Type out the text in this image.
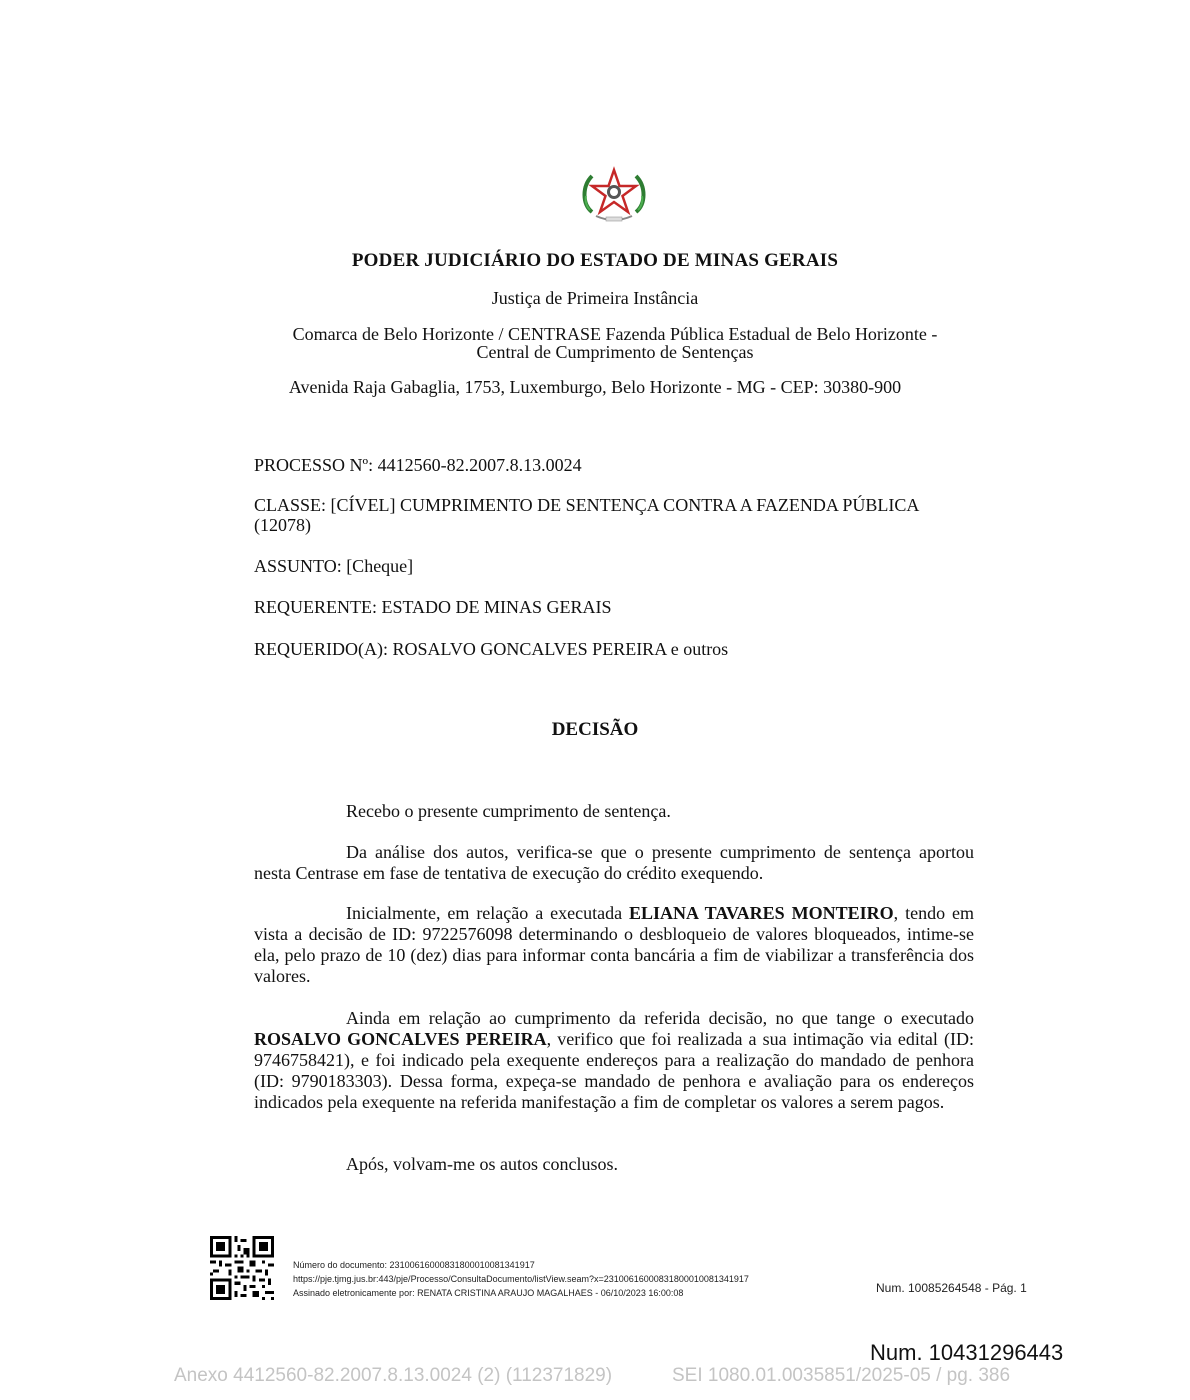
PODER JUDICIÁRIO DO ESTADO DE MINAS GERAIS
Justiça de Primeira Instância
Comarca de Belo Horizonte / CENTRASE Fazenda Pública Estadual de Belo Horizonte -
Central de Cumprimento de Sentenças
Avenida Raja Gabaglia, 1753, Luxemburgo, Belo Horizonte - MG - CEP: 30380-900
PROCESSO Nº: 4412560-82.2007.8.13.0024
CLASSE: [CÍVEL] CUMPRIMENTO DE SENTENÇA CONTRA A FAZENDA PÚBLICA
(12078)
ASSUNTO: [Cheque]
REQUERENTE: ESTADO DE MINAS GERAIS
REQUERIDO(A): ROSALVO GONCALVES PEREIRA e outros
DECISÃO
Recebo o presente cumprimento de sentença.
Da análise dos autos, verifica-se que o presente cumprimento de sentença aportou nesta Centrase em fase de tentativa de execução do crédito exequendo.
Inicialmente, em relação a executada ELIANA TAVARES MONTEIRO, tendo em vista a decisão de ID: 9722576098 determinando o desbloqueio de valores bloqueados, intime-se ela, pelo prazo de 10 (dez) dias para informar conta bancária a fim de viabilizar a transferência dos valores.
Ainda em relação ao cumprimento da referida decisão, no que tange o executado ROSALVO GONCALVES PEREIRA, verifico que foi realizada a sua intimação via edital (ID: 9746758421), e foi indicado pela exequente endereços para a realização do mandado de penhora (ID: 9790183303). Dessa forma, expeça-se mandado de penhora e avaliação para os endereços indicados pela exequente na referida manifestação a fim de completar os valores a serem pagos.
Após, volvam-me os autos conclusos.
Número do documento: 23100616000831800010081341917
https://pje.tjmg.jus.br:443/pje/Processo/ConsultaDocumento/listView.seam?x=23100616000831800010081341917
Assinado eletronicamente por: RENATA CRISTINA ARAUJO MAGALHAES - 06/10/2023 16:00:08	Num. 10085264548 - Pág. 1
Num. 10431296443
Anexo 4412560-82.2007.8.13.0024 (2) (112371829)	SEI 1080.01.0035851/2025-05 / pg. 386
